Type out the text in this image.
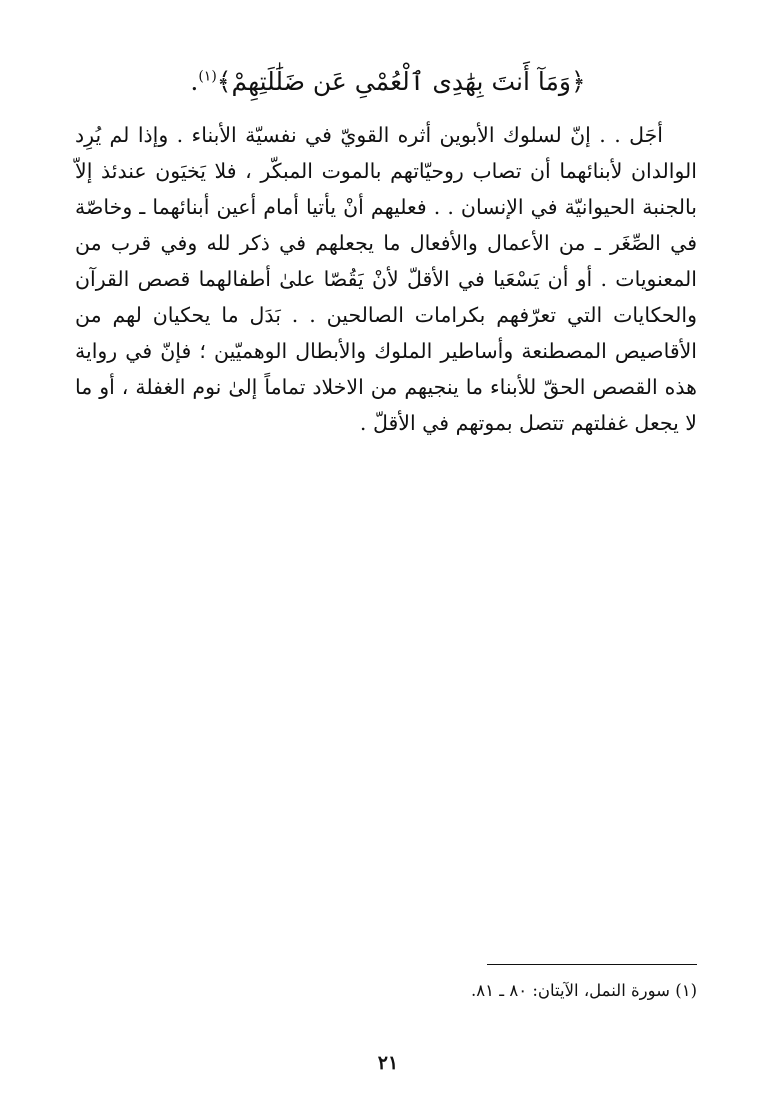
﴿وَمَآ أَنتَ بِهَٰدِى ٱلْعُمْىِ عَن ضَلَٰلَتِهِمْ﴾$^{(١)}$.

أجَل . . إنّ لسلوك الأبوين أثره القويّ في نفسيّة الأبناء . وإذا لم يُرِد الوالدان لأبنائهما أن تصاب روحيّاتهم بالموت المبكّر ، فلا يَخيَون عندئذ إلاّ بالجنبة الحيوانيّة في الإنسان . . فعليهم أنْ يأتيا أمام أعين أبنائهما ـ وخاصّة في الصِّغَر ـ من الأعمال والأفعال ما يجعلهم في ذكر لله وفي قرب من المعنويات . أو أن يَسْعَيا في الأقلّ لأنْ يَقُصّا علىٰ أطفالهما قصص القرآن والحكايات التي تعرّفهم بكرامات الصالحين . . بَدَل ما يحكيان لهم من الأقاصيص المصطنعة وأساطير الملوك والأبطال الوهميّين ؛ فإنّ في رواية هذه القصص الحقّ للأبناء ما ينجيهم من الاخلاد تماماً إلىٰ نوم الغفلة ، أو ما لا يجعل غفلتهم تتصل بموتهم في الأقلّ .

(١) سورة النمل، الآيتان: ٨٠ ـ ٨١.
٢١
